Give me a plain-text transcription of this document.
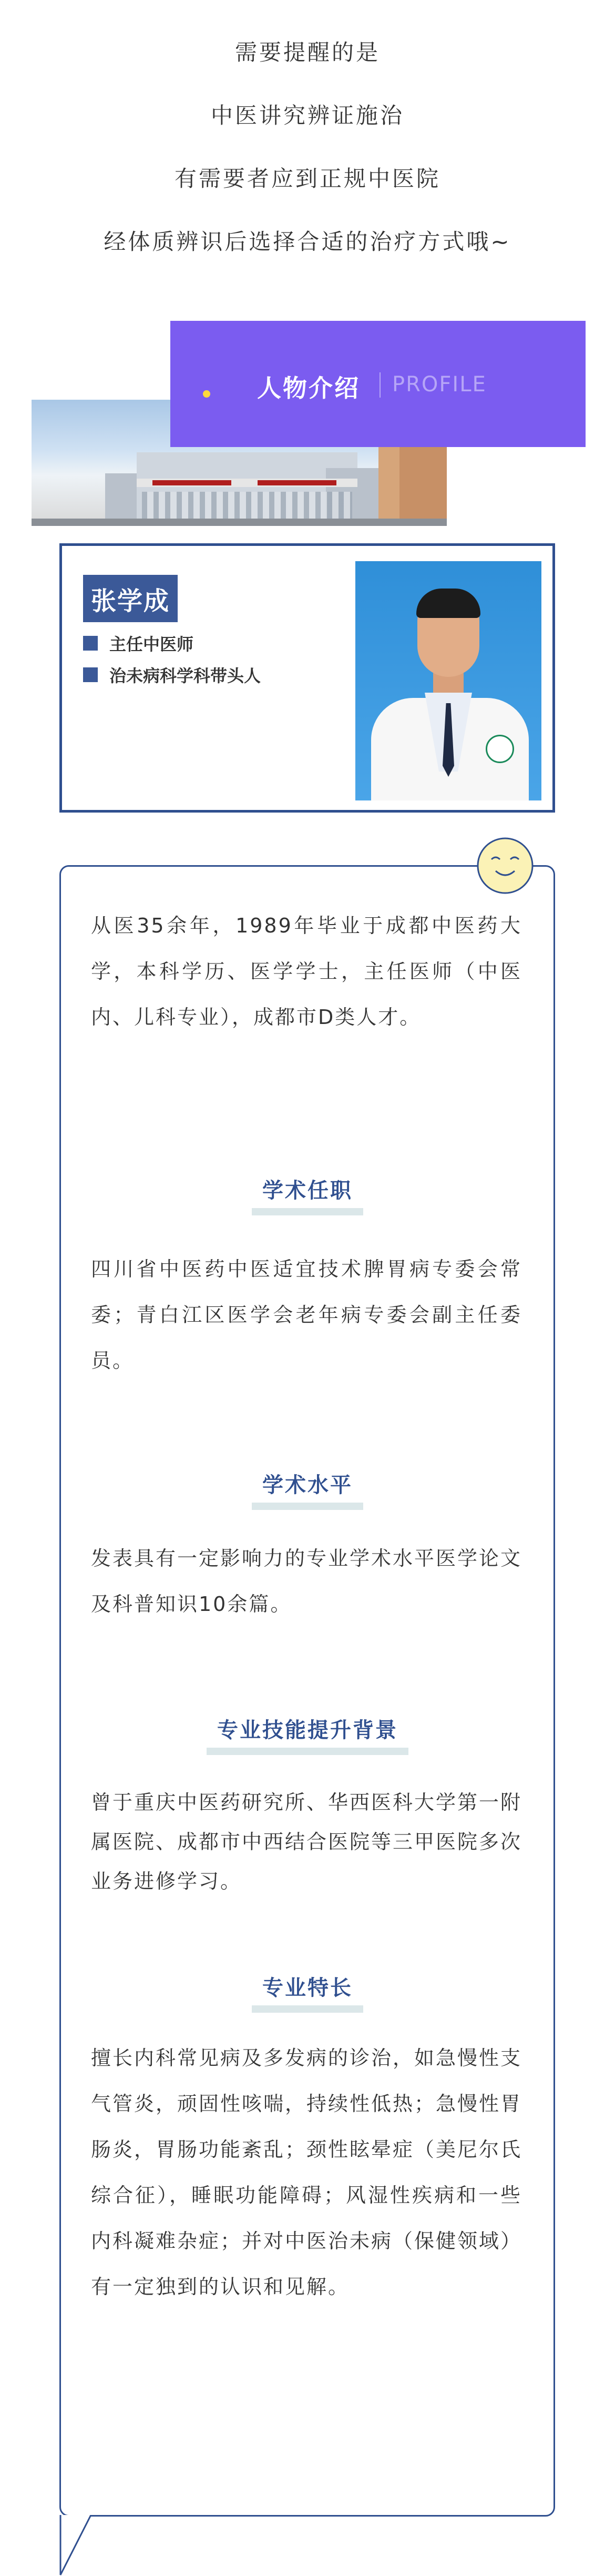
需要提醒的是
中医讲究辨证施治
有需要者应到正规中医院
经体质辨识后选择合适的治疗方式哦~
人物介绍 PROFILE
张学成
主任中医师
治未病科学科带头人
从医35余年，1989年毕业于成都中医药大学，本科学历、医学学士，主任医师（中医内、儿科专业），成都市D类人才。
学术任职
四川省中医药中医适宜技术脾胃病专委会常委；青白江区医学会老年病专委会副主任委员。
学术水平
发表具有一定影响力的专业学术水平医学论文及科普知识10余篇。
专业技能提升背景
曾于重庆中医药研究所、华西医科大学第一附属医院、成都市中西结合医院等三甲医院多次业务进修学习。
专业特长
擅长内科常见病及多发病的诊治，如急慢性支气管炎，顽固性咳喘，持续性低热；急慢性胃肠炎，胃肠功能紊乱；颈性眩晕症（美尼尔氏综合征），睡眠功能障碍；风湿性疾病和一些内科凝难杂症；并对中医治未病（保健领域）有一定独到的认识和见解。
